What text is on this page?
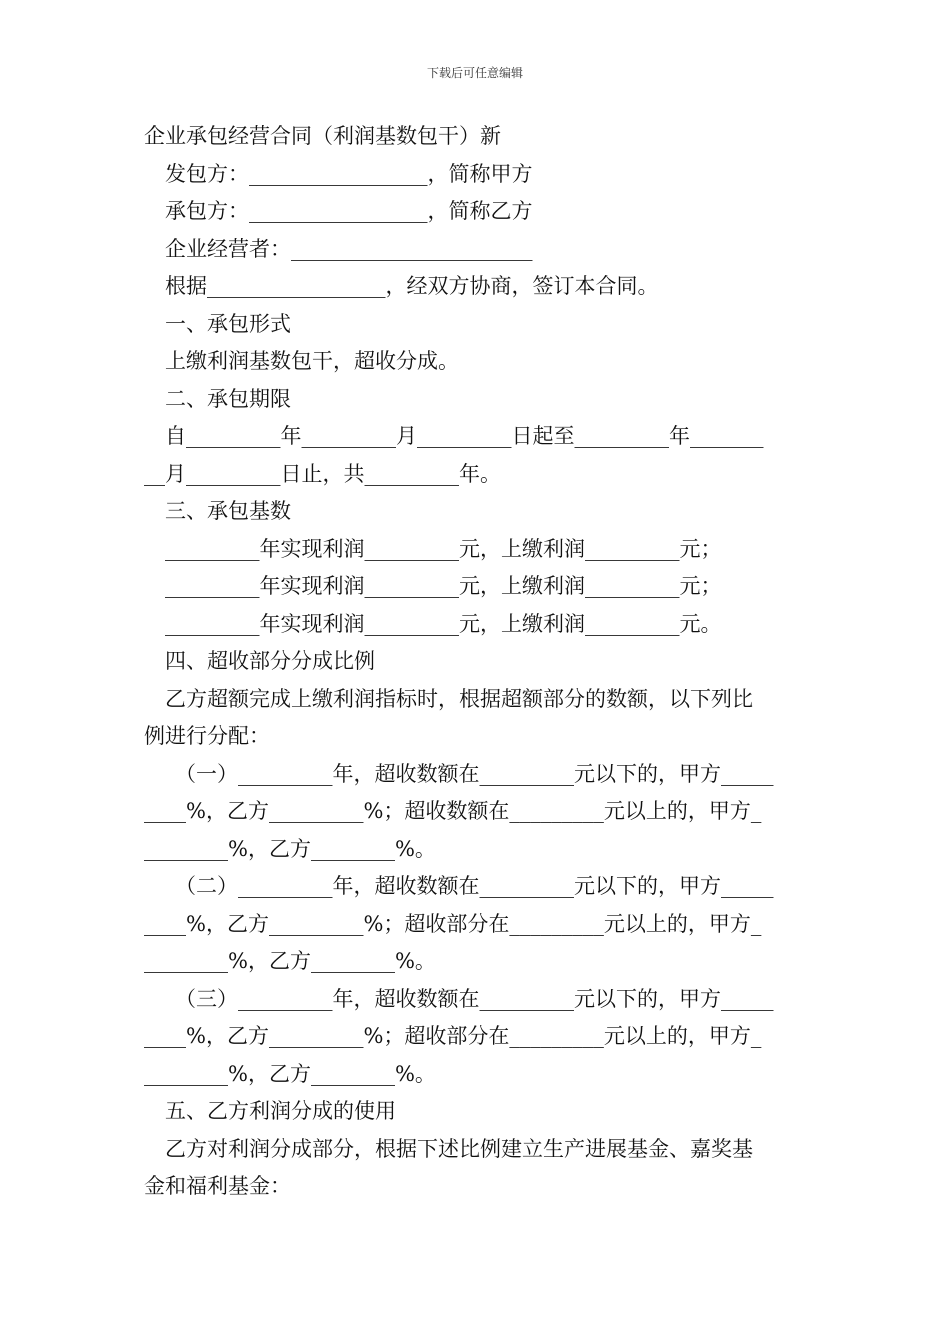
下载后可任意编辑
企业承包经营合同（利润基数包干）新
发包方：_________________，简称甲方
承包方：_________________，简称乙方
企业经营者：_______________________
根据_________________，经双方协商，签订本合同。
一、承包形式
上缴利润基数包干，超收分成。
二、承包期限
自_________年_________月_________日起至_________年_______
__月_________日止，共_________年。
三、承包基数
_________年实现利润_________元，上缴利润_________元；
_________年实现利润_________元，上缴利润_________元；
_________年实现利润_________元，上缴利润_________元。
四、超收部分分成比例
乙方超额完成上缴利润指标时，根据超额部分的数额，以下列比
例进行分配：
（一）_________年，超收数额在_________元以下的，甲方_____
____%，乙方_________%；超收数额在_________元以上的，甲方_
________%，乙方________%。
（二）_________年，超收数额在_________元以下的，甲方_____
____%，乙方_________%；超收部分在_________元以上的，甲方_
________%，乙方________%。
（三）_________年，超收数额在_________元以下的，甲方_____
____%，乙方_________%；超收部分在_________元以上的，甲方_
________%，乙方________%。
五、乙方利润分成的使用
乙方对利润分成部分，根据下述比例建立生产进展基金、嘉奖基
金和福利基金：
